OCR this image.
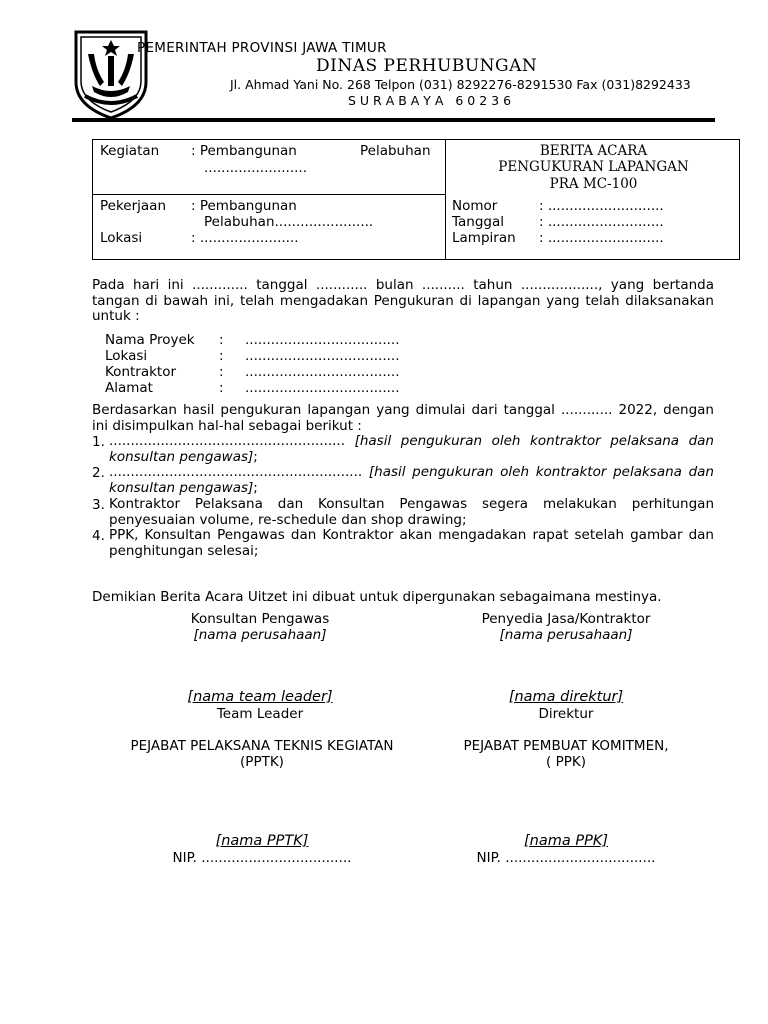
PEMERINTAH PROVINSI JAWA TIMUR
DINAS PERHUBUNGAN
Jl. Ahmad Yani No. 268 Telpon (031) 8292276-8291530 Fax (031)8292433
S U R A B A Y A   6 0 2 3 6
Kegiatan : Pembangunan	Pelabuhan
........................
Pekerjaan : Pembangunan
Pelabuhan.......................
Lokasi	: .......................
BERITA ACARA
PENGUKURAN LAPANGAN
PRA MC-100
Nomor	: ...........................
Tanggal	: ...........................
Lampiran : ...........................
Pada hari ini ............. tanggal ............ bulan .......... tahun .................., yang bertanda tangan di bawah ini, telah mengadakan Pengukuran di lapangan yang telah dilaksanakan untuk :
Nama Proyek : ....................................
Lokasi	: ....................................
Kontraktor	: ....................................
Alamat	: ....................................
Berdasarkan hasil pengukuran lapangan yang dimulai dari tanggal ............ 2022, dengan ini disimpulkan hal-hal sebagai berikut :
1. ....................................................... [hasil pengukuran oleh kontraktor pelaksana dan konsultan pengawas];
2. ........................................................... [hasil pengukuran oleh kontraktor pelaksana dan konsultan pengawas];
3. Kontraktor Pelaksana dan Konsultan Pengawas segera melakukan perhitungan penyesuaian volume, re-schedule dan shop drawing;
4. PPK, Konsultan Pengawas dan Kontraktor akan mengadakan rapat setelah gambar dan penghitungan selesai;
Demikian Berita Acara Uitzet ini dibuat untuk dipergunakan sebagaimana mestinya.
Konsultan Pengawas
[nama perusahaan]
Penyedia Jasa/Kontraktor
[nama perusahaan]
[nama team leader]
Team Leader
[nama direktur]
Direktur
PEJABAT PELAKSANA TEKNIS KEGIATAN
(PPTK)
PEJABAT PEMBUAT KOMITMEN,
( PPK)
[nama PPTK]
NIP. ...................................
[nama PPK]
NIP. ...................................
